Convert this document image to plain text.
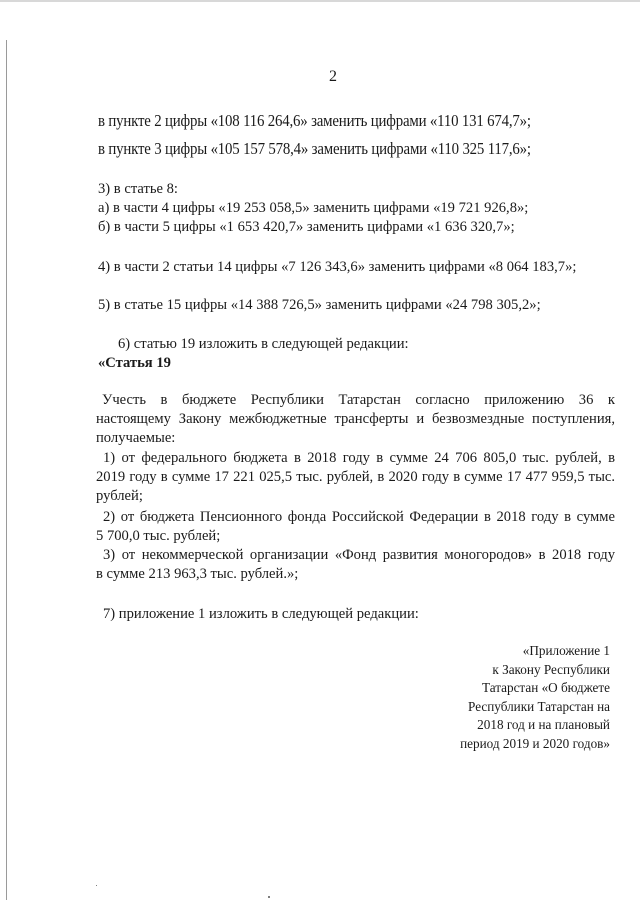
2
в пункте 2 цифры «108 116 264,6» заменить цифрами «110 131 674,7»;
в пункте 3 цифры «105 157 578,4» заменить цифрами «110 325 117,6»;
3) в статье 8:
а) в части 4 цифры «19 253 058,5» заменить цифрами «19 721 926,8»;
б) в части 5 цифры «1 653 420,7» заменить цифрами «1 636 320,7»;
4) в части 2 статьи 14 цифры «7 126 343,6» заменить цифрами «8 064 183,7»;
5) в статье 15 цифры «14 388 726,5» заменить цифрами «24 798 305,2»;
6) статью 19 изложить в следующей редакции:
«Статья 19
Учесть в бюджете Республики Татарстан согласно приложению 36 к
настоящему Закону межбюджетные трансферты и безвозмездные поступления,
получаемые:
1) от федерального бюджета в 2018 году в сумме 24 706 805,0 тыс. рублей, в
2019 году в сумме 17 221 025,5 тыс. рублей, в 2020 году в сумме 17 477 959,5 тыс.
рублей;
2) от бюджета Пенсионного фонда Российской Федерации в 2018 году в сумме
5 700,0 тыс. рублей;
3) от некоммерческой организации «Фонд развития моногородов» в 2018 году
в сумме 213 963,3 тыс. рублей.»;
7) приложение 1 изложить в следующей редакции:
«Приложение 1
к Закону Республики
Татарстан «О бюджете
Республики Татарстан на
2018 год и на плановый
период 2019 и 2020 годов»
